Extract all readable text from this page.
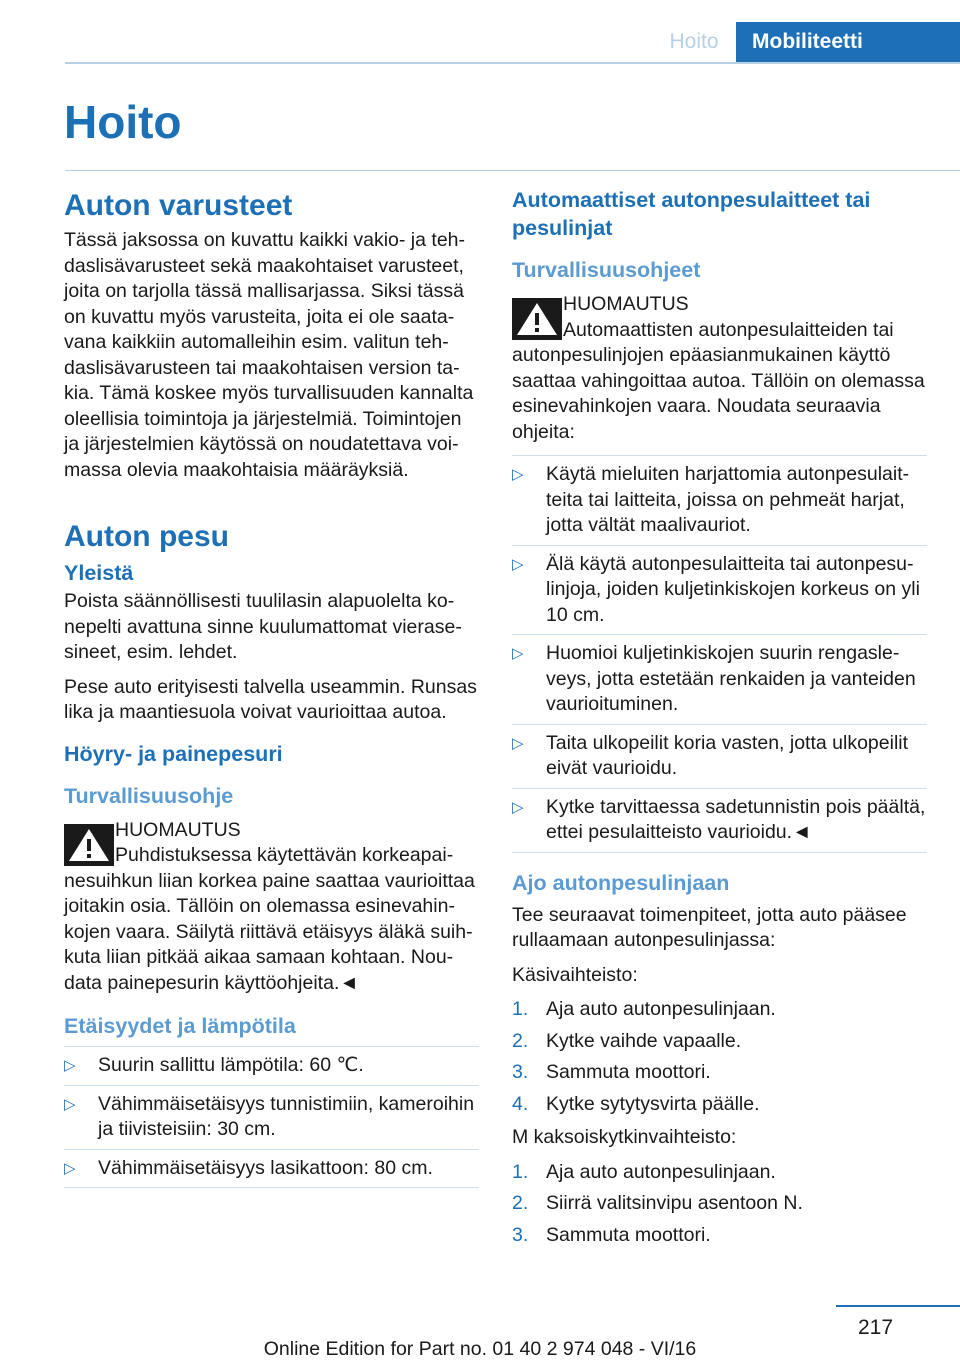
Hoito	Mobiliteetti
Hoito
Auton varusteet

Tässä jaksossa on kuvattu kaikki vakio- ja tehdaslisävarusteet sekä maakohtaiset varusteet, joita on tarjolla tässä mallisarjassa. Siksi tässä on kuvattu myös varusteita, joita ei ole saatavana kaikkiin automalleihin esim. valitun tehdaslisävarusteen tai maakohtaisen version takia. Tämä koskee myös turvallisuuden kannalta oleellisia toimintoja ja järjestelmiä. Toimintojen ja järjestelmien käytössä on noudatettava voimassa olevia maakohtaisia määräyksiä.

Auton pesu
Yleistä

Poista säännöllisesti tuulilasin alapuolelta konepelti avattuna sinne kuulumattomat vierasesineet, esim. lehdet.

Pese auto erityisesti talvella useammin. Runsas lika ja maantiesuola voivat vaurioittaa autoa.

Höyry- ja painepesuri
Turvallisuusohje

HUOMAUTUS

Puhdistuksessa käytettävän korkeapainesuihkun liian korkea paine saattaa vaurioittaa joitakin osia. Tällöin on olemassa esinevahinkojen vaara. Säilytä riittävä etäisyys äläkä suihkuta liian pitkää aikaa samaan kohtaan. Noudata painepesurin käyttöohjeita.◄

Etäisyydet ja lämpötila
▷ Suurin sallittu lämpötila: 60 ℃.
▷ Vähimmäisetäisyys tunnistimiin, kameroihin ja tiivisteisiin: 30 cm.
▷ Vähimmäisetäisyys lasikattoon: 80 cm.
Automaattiset autonpesulaitteet tai pesulinjat
Turvallisuusohjeet

HUOMAUTUS

Automaattisten autonpesulaitteiden tai autonpesulinjojen epäasianmukainen käyttö saattaa vahingoittaa autoa. Tällöin on olemassa esinevahinkojen vaara. Noudata seuraavia ohjeita:

▷ Käytä mieluiten harjattomia autonpesulaitteita tai laitteita, joissa on pehmeät harjat, jotta vältät maalivauriot.
▷ Älä käytä autonpesulaitteita tai autonpesulinjoja, joiden kuljetinkiskojen korkeus on yli 10 cm.
▷ Huomioi kuljetinkiskojen suurin rengasleveys, jotta estetään renkaiden ja vanteiden vaurioituminen.
▷ Taita ulkopeilit koria vasten, jotta ulkopeilit eivät vaurioidu.
▷ Kytke tarvittaessa sadetunnistin pois päältä, ettei pesulaitteisto vaurioidu.◄
Ajo autonpesulinjaan

Tee seuraavat toimenpiteet, jotta auto pääsee rullaamaan autonpesulinjassa:

Käsivaihteisto:

1. Aja auto autonpesulinjaan.
2. Kytke vaihde vapaalle.
3. Sammuta moottori.
4. Kytke sytytysvirta päälle.

M kaksoiskytkinvaihteisto:

1. Aja auto autonpesulinjaan.
2. Siirrä valitsinvipu asentoon N.
3. Sammuta moottori.
217
Online Edition for Part no. 01 40 2 974 048 - VI/16
